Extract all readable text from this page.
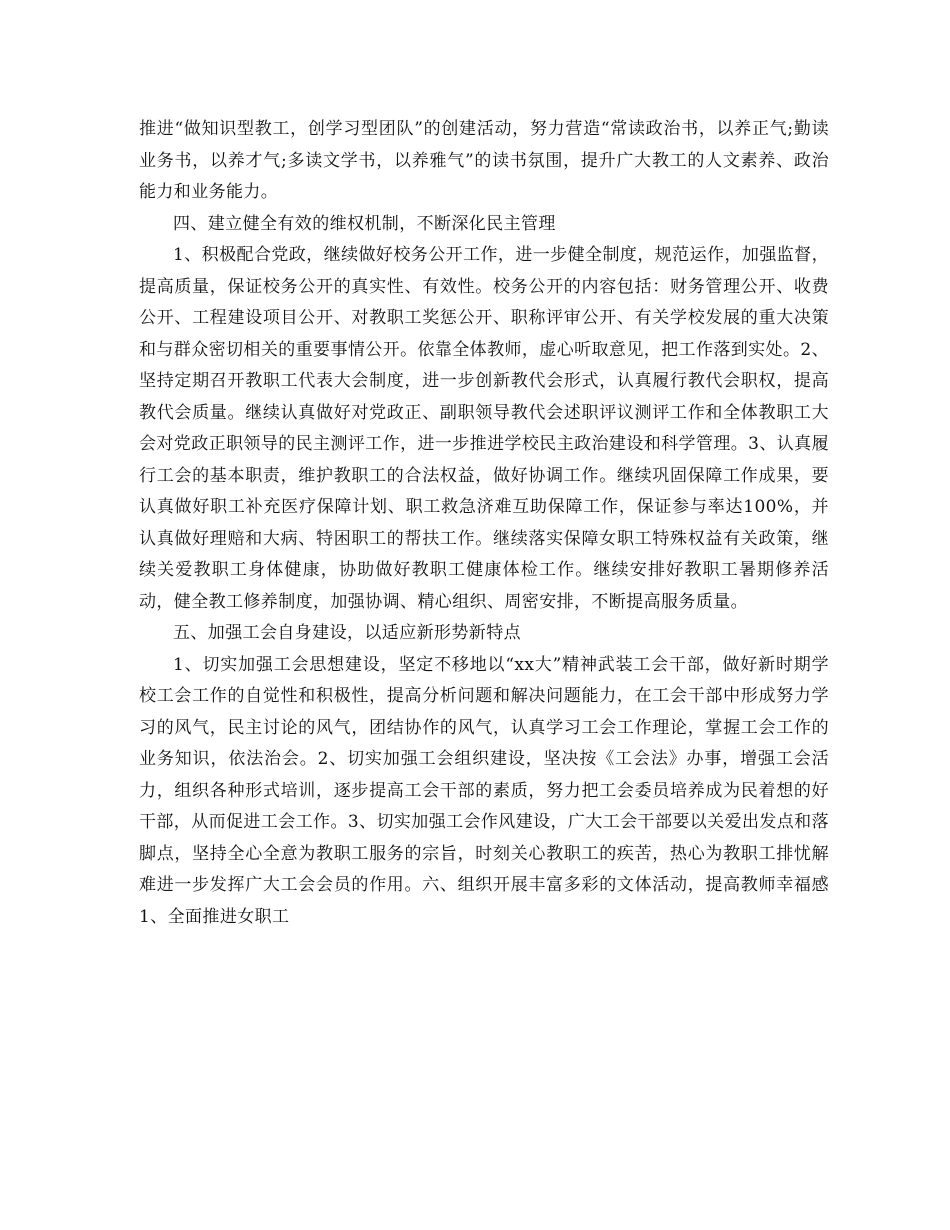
推进“做知识型教工，创学习型团队”的创建活动，努力营造“常读政治书，以养正气;勤读业务书，以养才气;多读文学书，以养雅气”的读书氛围，提升广大教工的人文素养、政治能力和业务能力。

四、建立健全有效的维权机制，不断深化民主管理

1、积极配合党政，继续做好校务公开工作，进一步健全制度，规范运作，加强监督，提高质量，保证校务公开的真实性、有效性。校务公开的内容包括：财务管理公开、收费公开、工程建设项目公开、对教职工奖惩公开、职称评审公开、有关学校发展的重大决策和与群众密切相关的重要事情公开。依靠全体教师，虚心听取意见，把工作落到实处。2、坚持定期召开教职工代表大会制度，进一步创新教代会形式，认真履行教代会职权，提高教代会质量。继续认真做好对党政正、副职领导教代会述职评议测评工作和全体教职工大会对党政正职领导的民主测评工作，进一步推进学校民主政治建设和科学管理。3、认真履行工会的基本职责，维护教职工的合法权益，做好协调工作。继续巩固保障工作成果，要认真做好职工补充医疗保障计划、职工救急济难互助保障工作，保证参与率达100%，并认真做好理赔和大病、特困职工的帮扶工作。继续落实保障女职工特殊权益有关政策，继续关爱教职工身体健康，协助做好教职工健康体检工作。继续安排好教职工暑期修养活动，健全教工修养制度，加强协调、精心组织、周密安排，不断提高服务质量。

五、加强工会自身建设，以适应新形势新特点

1、切实加强工会思想建设，坚定不移地以“xx大”精神武装工会干部，做好新时期学校工会工作的自觉性和积极性，提高分析问题和解决问题能力，在工会干部中形成努力学习的风气，民主讨论的风气，团结协作的风气，认真学习工会工作理论，掌握工会工作的业务知识，依法治会。2、切实加强工会组织建设，坚决按《工会法》办事，增强工会活力，组织各种形式培训，逐步提高工会干部的素质，努力把工会委员培养成为民着想的好干部，从而促进工会工作。3、切实加强工会作风建设，广大工会干部要以关爱出发点和落脚点，坚持全心全意为教职工服务的宗旨，时刻关心教职工的疾苦，热心为教职工排忧解难进一步发挥广大工会会员的作用。六、组织开展丰富多彩的文体活动，提高教师幸福感　1、全面推进女职工
